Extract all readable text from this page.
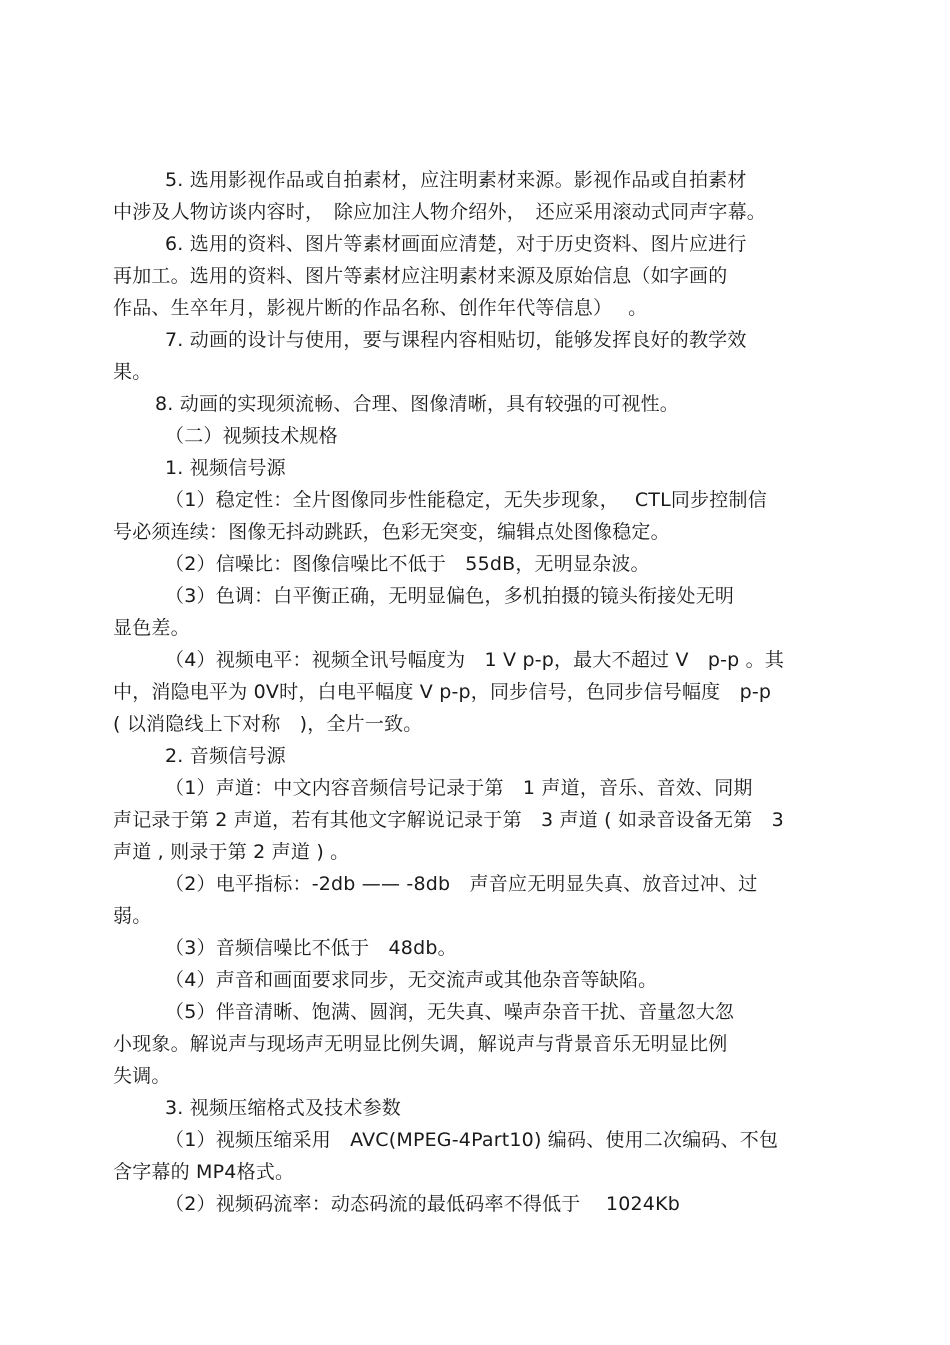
5. 选用影视作品或自拍素材，应注明素材来源。影视作品或自拍素材
中涉及人物访谈内容时，　除应加注人物介绍外，　还应采用滚动式同声字幕。
6. 选用的资料、图片等素材画面应清楚，对于历史资料、图片应进行
再加工。选用的资料、图片等素材应注明素材来源及原始信息（如字画的
作品、生卒年月，影视片断的作品名称、创作年代等信息）　 。
7. 动画的设计与使用，要与课程内容相贴切，能够发挥良好的教学效
果。
8. 动画的实现须流畅、合理、图像清晰，具有较强的可视性。
（二）视频技术规格
1. 视频信号源
（1）稳定性：全片图像同步性能稳定，无失步现象，　 CTL同步控制信
号必须连续：图像无抖动跳跃，色彩无突变，编辑点处图像稳定。
（2）信噪比：图像信噪比不低于　55dB，无明显杂波。
（3）色调：白平衡正确，无明显偏色，多机拍摄的镜头衔接处无明
显色差。
（4）视频电平：视频全讯号幅度为　1 V p-p，最大不超过 V　p-p 。其
中，消隐电平为 0V时，白电平幅度 V p-p，同步信号，色同步信号幅度　p-p
( 以消隐线上下对称　)，全片一致。
2. 音频信号源
（1）声道：中文内容音频信号记录于第　1 声道，音乐、音效、同期
声记录于第 2 声道，若有其他文字解说记录于第　3 声道 ( 如录音设备无第　3
声道 , 则录于第 2 声道 ) 。
（2）电平指标：-2db —— -8db　声音应无明显失真、放音过冲、过
弱。
（3）音频信噪比不低于　48db。
（4）声音和画面要求同步，无交流声或其他杂音等缺陷。
（5）伴音清晰、饱满、圆润，无失真、噪声杂音干扰、音量忽大忽
小现象。解说声与现场声无明显比例失调，解说声与背景音乐无明显比例
失调。
3. 视频压缩格式及技术参数
（1）视频压缩采用　AVC(MPEG-4Part10) 编码、使用二次编码、不包
含字幕的 MP4格式。
（2）视频码流率：动态码流的最低码率不得低于　 1024Kb
